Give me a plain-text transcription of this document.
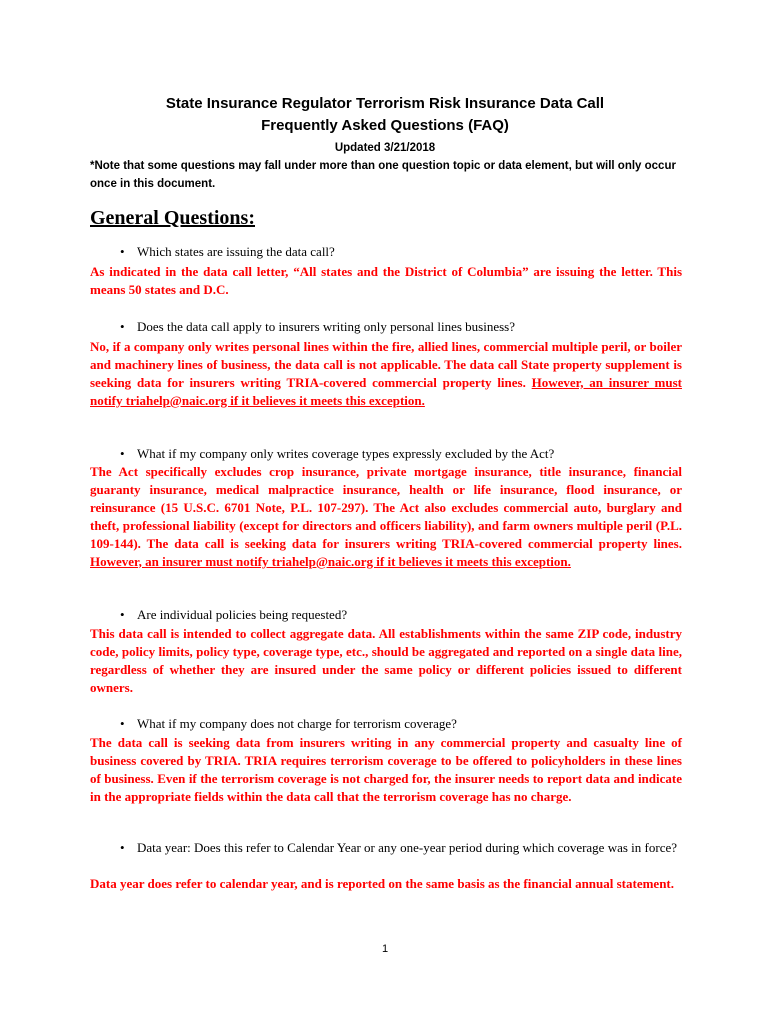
State Insurance Regulator Terrorism Risk Insurance Data Call
Frequently Asked Questions (FAQ)
Updated 3/21/2018
*Note that some questions may fall under more than one question topic or data element, but will only occur once in this document.
General Questions:
• Which states are issuing the data call?
As indicated in the data call letter, “All states and the District of Columbia” are issuing the letter. This means 50 states and D.C.
• Does the data call apply to insurers writing only personal lines business?
No, if a company only writes personal lines within the fire, allied lines, commercial multiple peril, or boiler and machinery lines of business, the data call is not applicable. The data call State property supplement is seeking data for insurers writing TRIA-covered commercial property lines. However, an insurer must notify triahelp@naic.org if it believes it meets this exception.
• What if my company only writes coverage types expressly excluded by the Act?
The Act specifically excludes crop insurance, private mortgage insurance, title insurance, financial guaranty insurance, medical malpractice insurance, health or life insurance, flood insurance, or reinsurance (15 U.S.C. 6701 Note, P.L. 107-297). The Act also excludes commercial auto, burglary and theft, professional liability (except for directors and officers liability), and farm owners multiple peril (P.L. 109-144). The data call is seeking data for insurers writing TRIA-covered commercial property lines. However, an insurer must notify triahelp@naic.org if it believes it meets this exception.
• Are individual policies being requested?
This data call is intended to collect aggregate data. All establishments within the same ZIP code, industry code, policy limits, policy type, coverage type, etc., should be aggregated and reported on a single data line, regardless of whether they are insured under the same policy or different policies issued to different owners.
• What if my company does not charge for terrorism coverage?
The data call is seeking data from insurers writing in any commercial property and casualty line of business covered by TRIA. TRIA requires terrorism coverage to be offered to policyholders in these lines of business. Even if the terrorism coverage is not charged for, the insurer needs to report data and indicate in the appropriate fields within the data call that the terrorism coverage has no charge.
• Data year: Does this refer to Calendar Year or any one-year period during which coverage was in force?
Data year does refer to calendar year, and is reported on the same basis as the financial annual statement.
1
